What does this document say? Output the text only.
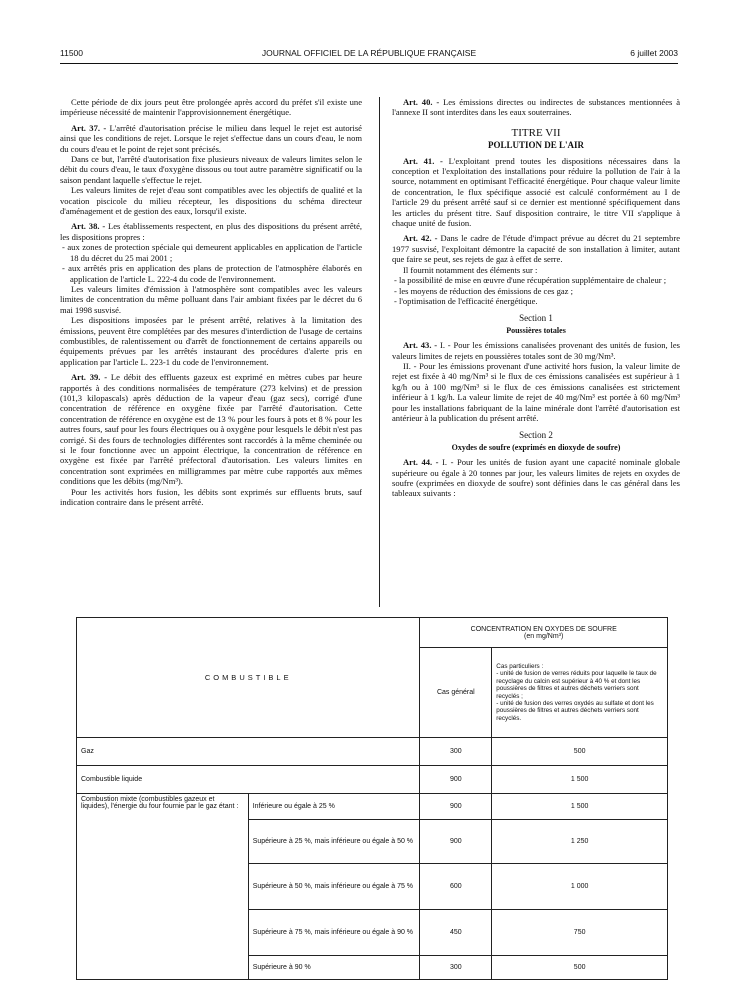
11500	JOURNAL OFFICIEL DE LA RÉPUBLIQUE FRANÇAISE	6 juillet 2003

Cette période de dix jours peut être prolongée après accord du préfet s'il existe une impérieuse nécessité de maintenir l'approvisionnement énergétique.

Art. 37. - L'arrêté d'autorisation précise le milieu dans lequel le rejet est autorisé ainsi que les conditions de rejet. Lorsque le rejet s'effectue dans un cours d'eau, le nom du cours d'eau et le point de rejet sont précisés.

Dans ce but, l'arrêté d'autorisation fixe plusieurs niveaux de valeurs limites selon le débit du cours d'eau, le taux d'oxygène dissous ou tout autre paramètre significatif ou la saison pendant laquelle s'effectue le rejet.

Les valeurs limites de rejet d'eau sont compatibles avec les objectifs de qualité et la vocation piscicole du milieu récepteur, les dispositions du schéma directeur d'aménagement et de gestion des eaux, lorsqu'il existe.

Art. 38. - Les établissements respectent, en plus des dispositions du présent arrêté, les dispositions propres :

- aux zones de protection spéciale qui demeurent applicables en application de l'article 18 du décret du 25 mai 2001 ;

- aux arrêtés pris en application des plans de protection de l'atmosphère élaborés en application de l'article L. 222-4 du code de l'environnement.

Les valeurs limites d'émission à l'atmosphère sont compatibles avec les valeurs limites de concentration du même polluant dans l'air ambiant fixées par le décret du 6 mai 1998 susvisé.

Les dispositions imposées par le présent arrêté, relatives à la limitation des émissions, peuvent être complétées par des mesures d'interdiction de l'usage de certains combustibles, de ralentissement ou d'arrêt de fonctionnement de certains appareils ou équipements prévues par les arrêtés instaurant des procédures d'alerte pris en application par l'article L. 223-1 du code de l'environnement.

Art. 39. - Le débit des effluents gazeux est exprimé en mètres cubes par heure rapportés à des conditions normalisées de température (273 kelvins) et de pression (101,3 kilopascals) après déduction de la vapeur d'eau (gaz secs), corrigé d'une concentration de référence en oxygène fixée par l'arrêté d'autorisation. Cette concentration de référence en oxygène est de 13 % pour les fours à pots et 8 % pour les autres fours, sauf pour les fours électriques ou à oxygène pour lesquels le débit n'est pas corrigé. Si des fours de technologies différentes sont raccordés à la même cheminée ou si le four fonctionne avec un appoint électrique, la concentration de référence en oxygène est fixée par l'arrêté préfectoral d'autorisation. Les valeurs limites en concentration sont exprimées en milligrammes par mètre cube rapportés aux mêmes conditions que les débits (mg/Nm³).

Pour les activités hors fusion, les débits sont exprimés sur effluents bruts, sauf indication contraire dans le présent arrêté.

Art. 40. - Les émissions directes ou indirectes de substances mentionnées à l'annexe II sont interdites dans les eaux souterraines.

TITRE VII

POLLUTION DE L'AIR

Art. 41. - L'exploitant prend toutes les dispositions nécessaires dans la conception et l'exploitation des installations pour réduire la pollution de l'air à la source, notamment en optimisant l'efficacité énergétique. Pour chaque valeur limite de concentration, le flux spécifique associé est calculé conformément au I de l'article 29 du présent arrêté sauf si ce dernier est mentionné spécifiquement dans les articles du présent titre. Sauf disposition contraire, le titre VII s'applique à chaque unité de fusion.

Art. 42. - Dans le cadre de l'étude d'impact prévue au décret du 21 septembre 1977 susvisé, l'exploitant démontre la capacité de son installation à limiter, autant que faire se peut, ses rejets de gaz à effet de serre.

Il fournit notamment des éléments sur :

- la possibilité de mise en œuvre d'une récupération supplémentaire de chaleur ;

- les moyens de réduction des émissions de ces gaz ;

- l'optimisation de l'efficacité énergétique.

Section 1

Poussières totales

Art. 43. - I. - Pour les émissions canalisées provenant des unités de fusion, les valeurs limites de rejets en poussières totales sont de 30 mg/Nm³.

II. - Pour les émissions provenant d'une activité hors fusion, la valeur limite de rejet est fixée à 40 mg/Nm³ si le flux de ces émissions canalisées est supérieur à 1 kg/h ou à 100 mg/Nm³ si le flux de ces émissions canalisées est strictement inférieur à 1 kg/h. La valeur limite de rejet de 40 mg/Nm³ est portée à 60 mg/Nm³ pour les installations fabriquant de la laine minérale dont l'arrêté d'autorisation est antérieur à la publication du présent arrêté.

Section 2

Oxydes de soufre (exprimés en dioxyde de soufre)

Art. 44. - I. - Pour les unités de fusion ayant une capacité nominale globale supérieure ou égale à 20 tonnes par jour, les valeurs limites de rejets en oxydes de soufre (exprimées en dioxyde de soufre) sont définies dans le cas général dans les tableaux suivants :

COMBUSTIBLE		CONCENTRATION EN OXYDES DE SOUFRE
(en mg/Nm³)	

		Cas général	Cas particuliers :
- unité de fusion de verres réduits pour laquelle le taux de recyclage du calcin est supérieur à 40 % et dont les poussières de filtres et autres déchets verriers sont recyclés ;
- unité de fusion des verres oxydés au sulfate et dont les poussières de filtres et autres déchets verriers sont recyclés.

Gaz		300	500
Combustible liquide		900	1 500
Combustion mixte (combustibles gazeux et liquides), l'énergie du four fournie par le gaz étant :	Inférieure ou égale à 25 %	900	1 500
	Supérieure à 25 %, mais inférieure ou égale à 50 %	900	1 250
	Supérieure à 50 %, mais inférieure ou égale à 75 %	600	1 000
	Supérieure à 75 %, mais inférieure ou égale à 90 %	450	750
	Supérieure à 90 %	300	500
